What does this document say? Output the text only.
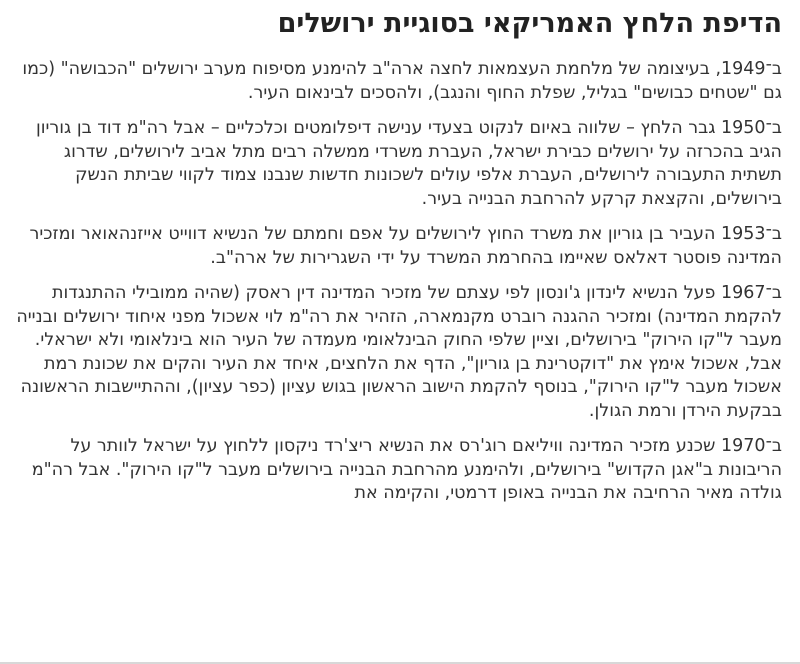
הדיפת הלחץ האמריקאי בסוגיית ירושלים

ב־1949, בעיצומה של מלחמת העצמאות לחצה ארה"ב להימנע מסיפוח מערב ירושלים "הכבושה" (כמו גם "שטחים כבושים" בגליל, שפלת החוף והנגב), ולהסכים לבינאום העיר.

ב־1950 גבר הלחץ – שלווה באיום לנקוט בצעדי ענישה דיפלומטים וכלכליים – אבל רה"מ דוד בן גוריון הגיב בהכרזה על ירושלים כבירת ישראל, העברת משרדי ממשלה רבים מתל אביב לירושלים, שדרוג תשתית התעבורה לירושלים, העברת אלפי עולים לשכונות חדשות שנבנו צמוד לקווי שביתת הנשק בירושלים, והקצאת קרקע להרחבת הבנייה בעיר.

ב־1953 העביר בן גוריון את משרד החוץ לירושלים על אפם וחמתם של הנשיא דווייט אייזנהאואר ומזכיר המדינה פוסטר דאלאס שאיימו בהחרמת המשרד על ידי השגרירות של ארה"ב.

ב־1967 פעל הנשיא לינדון ג'ונסון לפי עצתם של מזכיר המדינה דין ראסק (שהיה ממובילי ההתנגדות להקמת המדינה) ומזכיר ההגנה רוברט מקנמארה, הזהיר את רה"מ לוי אשכול מפני איחוד ירושלים ובנייה מעבר ל"קו הירוק" בירושלים, וציין שלפי החוק הבינלאומי מעמדה של העיר הוא בינלאומי ולא ישראלי. אבל, אשכול אימץ את "דוקטרינת בן גוריון", הדף את הלחצים, איחד את העיר והקים את שכונת רמת אשכול מעבר ל"קו הירוק", בנוסף להקמת הישוב הראשון בגוש עציון (כפר עציון), וההתיישבות הראשונה בבקעת הירדן ורמת הגולן.

ב־1970 שכנע מזכיר המדינה וויליאם רוג'רס את הנשיא ריצ'רד ניקסון ללחוץ על ישראל לוותר על הריבונות ב"אגן הקדוש" בירושלים, ולהימנע מהרחבת הבנייה בירושלים מעבר ל"קו הירוק". אבל רה"מ גולדה מאיר הרחיבה את הבנייה באופן דרמטי, והקימה את
